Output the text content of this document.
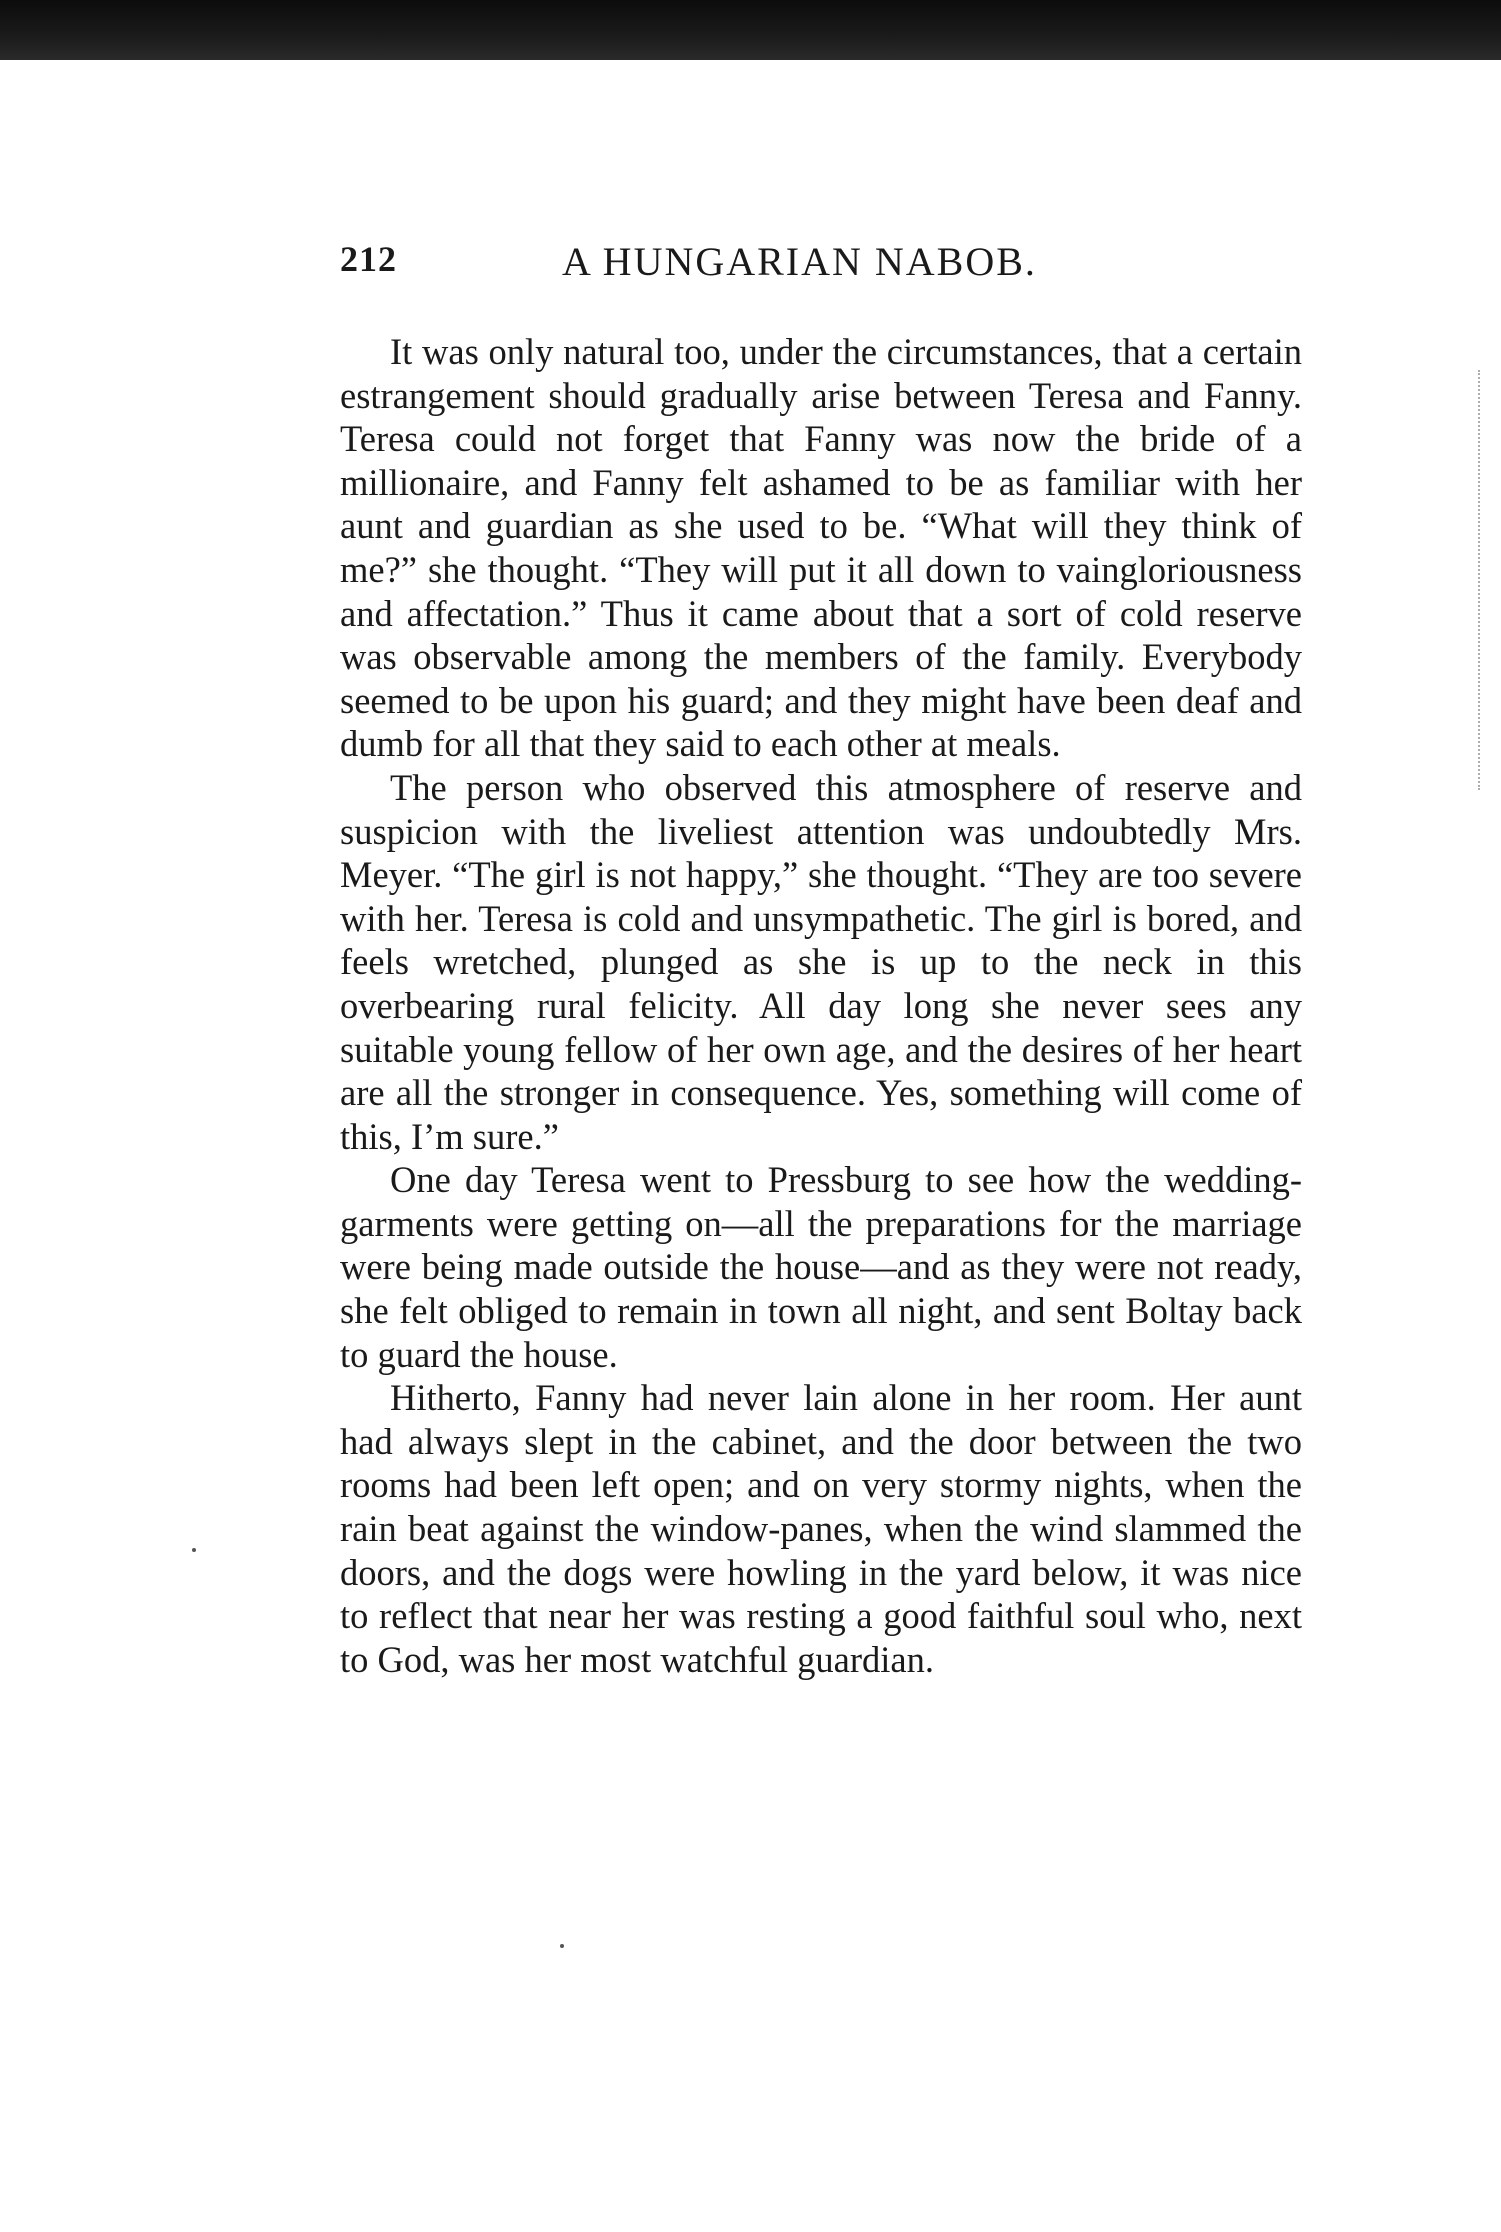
212	A HUNGARIAN NABOB.

It was only natural too, under the circumstances, that a certain estrangement should gradually arise between Teresa and Fanny. Teresa could not forget that Fanny was now the bride of a millionaire, and Fanny felt ashamed to be as familiar with her aunt and guardian as she used to be. “What will they think of me?” she thought. “They will put it all down to vaingloriousness and affectation.” Thus it came about that a sort of cold reserve was observable among the members of the family. Everybody seemed to be upon his guard; and they might have been deaf and dumb for all that they said to each other at meals.

The person who observed this atmosphere of reserve and suspicion with the liveliest attention was undoubtedly Mrs. Meyer. “The girl is not happy,” she thought. “They are too severe with her. Teresa is cold and unsympathetic. The girl is bored, and feels wretched, plunged as she is up to the neck in this overbearing rural felicity. All day long she never sees any suitable young fellow of her own age, and the desires of her heart are all the stronger in consequence. Yes, something will come of this, I’m sure.”

One day Teresa went to Pressburg to see how the wedding-garments were getting on—all the preparations for the marriage were being made outside the house—and as they were not ready, she felt obliged to remain in town all night, and sent Boltay back to guard the house.

Hitherto, Fanny had never lain alone in her room. Her aunt had always slept in the cabinet, and the door between the two rooms had been left open; and on very stormy nights, when the rain beat against the window-panes, when the wind slammed the doors, and the dogs were howling in the yard below, it was nice to reflect that near her was resting a good faithful soul who, next to God, was her most watchful guardian.
